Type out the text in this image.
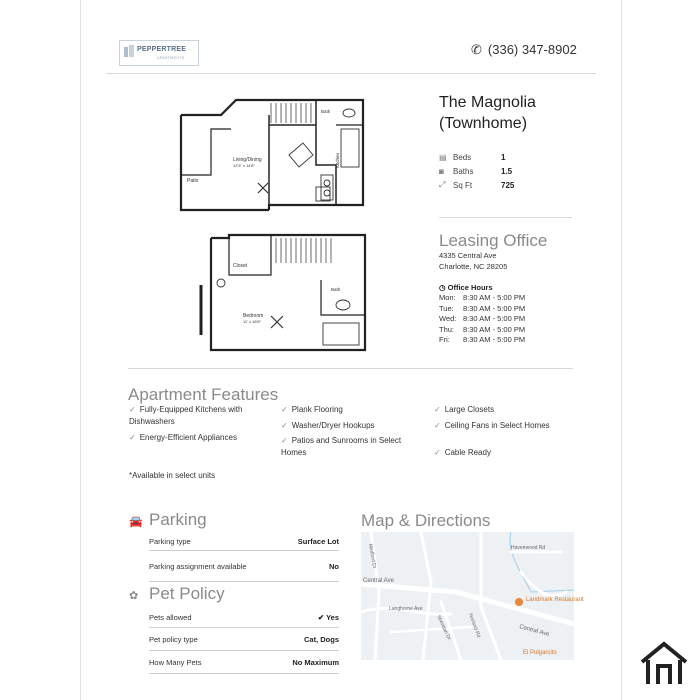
PEPPERTREE
APARTMENTS
✆ (336) 347-8902
Living/Dining
12'3" x 14'8"
Patio
Kitchen
Bath
Closet
Bedroom
11' x 18'8"
Bath
The Magnolia (Townhome)
▤ Beds	1
◙	Baths	1.5
⤢ Sq Ft	725
Leasing Office
4335 Central Ave
Charlotte, NC 28205
◷ Office Hours
Mon: 8:30 AM - 5:00 PM
Tue: 8:30 AM - 5:00 PM
Wed: 8:30 AM - 5:00 PM
Thu: 8:30 AM - 5:00 PM
Fri: 8:30 AM - 5:00 PM
Apartment Features
✓ Fully-Equipped Kitchens with Dishwashers
✓ Energy-Efficient Appliances
✓ Plank Flooring
✓ Washer/Dryer Hookups
✓ Patios and Sunrooms in Select Homes
✓ Large Closets
✓ Ceiling Fans in Select Homes
✓ Cable Ready
*Available in select units
🚘 Parking
Parking type	Surface Lot
Parking assignment available	No
✿ Pet Policy
Pets allowed	✔ Yes
Pet policy type	Cat, Dogs
How Many Pets	No Maximum
Map & Directions
Havenwood Rd
Medford Dr
Central Ave
Langhorne Ave
Sheridan Dr	Norland Rd	Central Ave
Landmark Restaurant
El Pulgarcito
